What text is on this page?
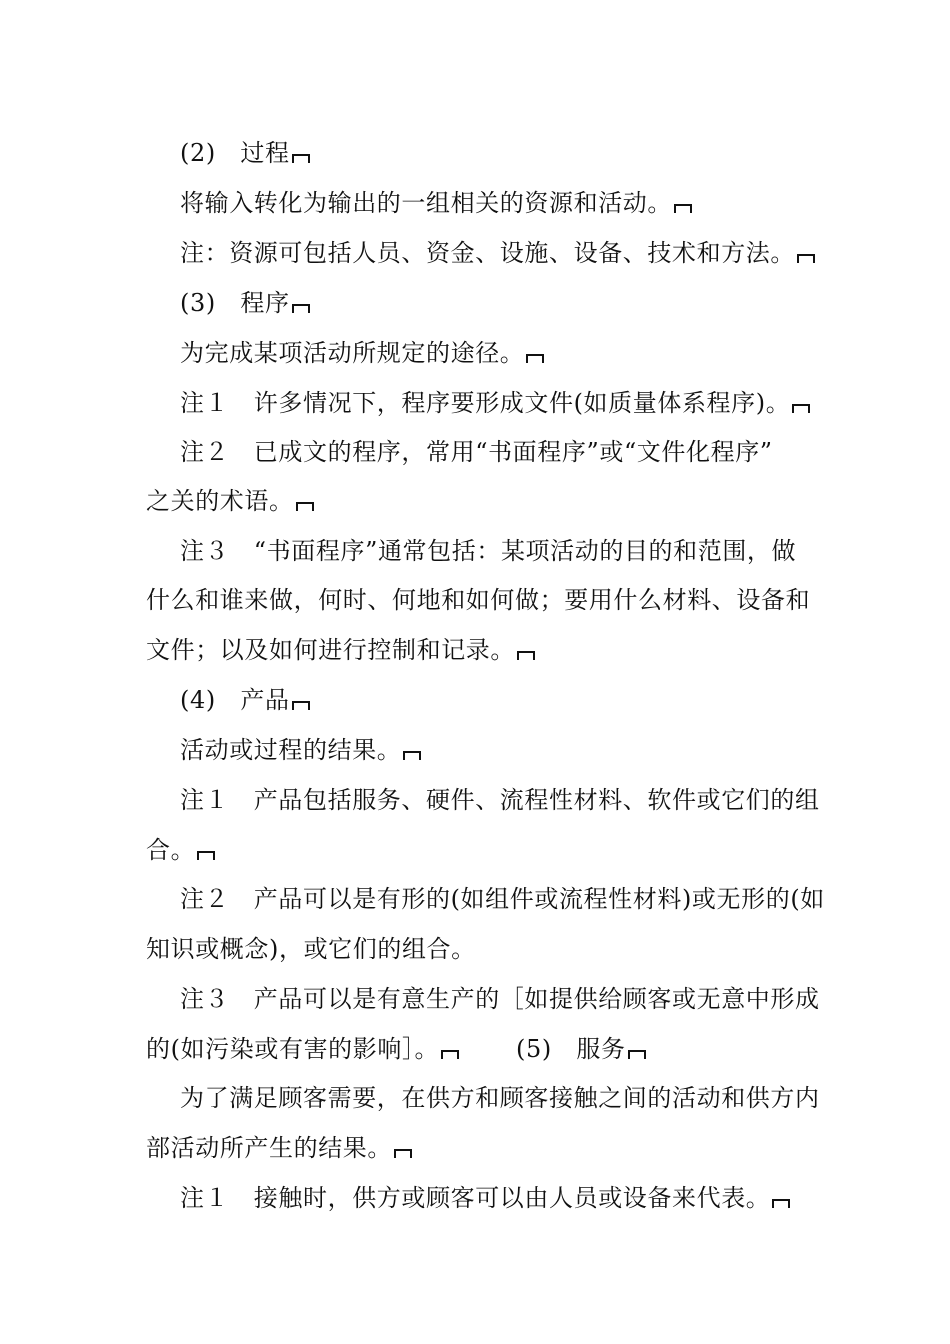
(2)　过程
将输入转化为输出的一组相关的资源和活动。
注：资源可包括人员、资金、设施、设备、技术和方法。
(3)　程序
为完成某项活动所规定的途径。
注１　许多情况下，程序要形成文件(如质量体系程序)。
注２　已成文的程序，常用“书面程序”或“文件化程序”
之关的术语。
注３　“书面程序”通常包括：某项活动的目的和范围，做
什么和谁来做，何时、何地和如何做；要用什么材料、设备和
文件；以及如何进行控制和记录。
(4)　产品
活动或过程的结果。
注１　产品包括服务、硬件、流程性材料、软件或它们的组
合。
注２　产品可以是有形的(如组件或流程性材料)或无形的(如
知识或概念)，或它们的组合。
注３　产品可以是有意生产的［如提供给顾客或无意中形成
的(如污染或有害的影响］。	(5)　服务
为了满足顾客需要，在供方和顾客接触之间的活动和供方内
部活动所产生的结果。
注１　接触时，供方或顾客可以由人员或设备来代表。
